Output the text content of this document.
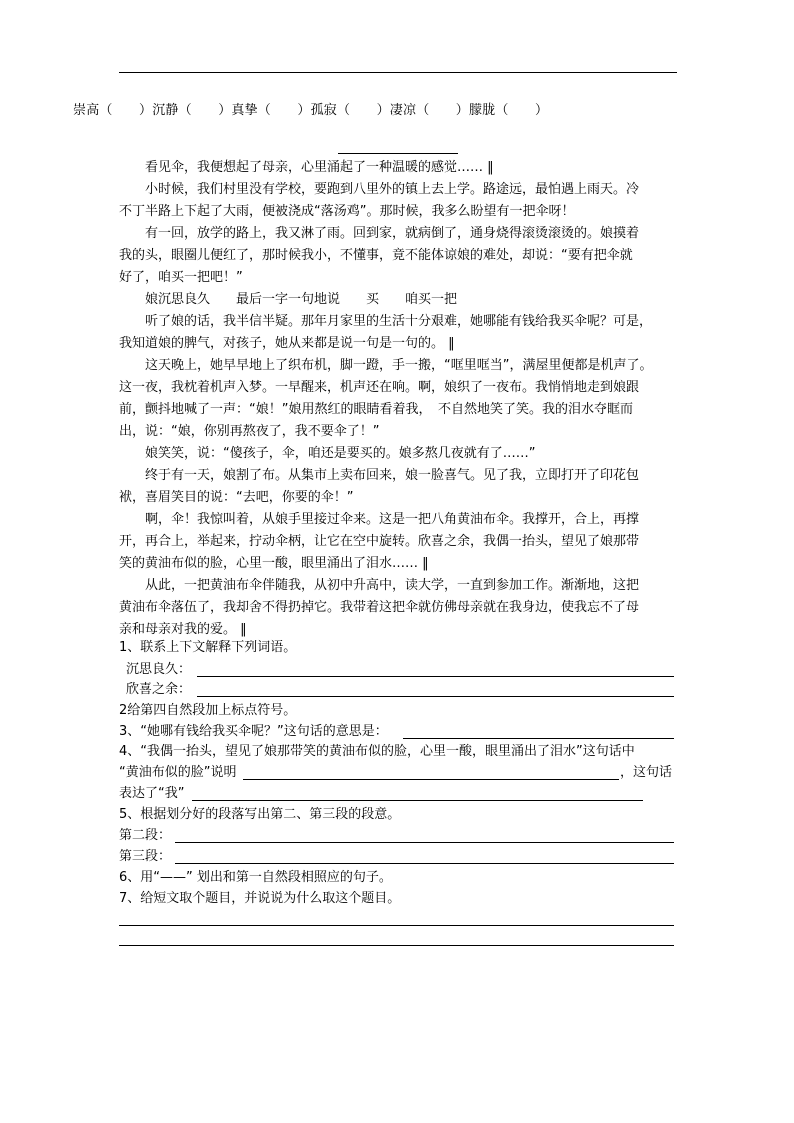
崇高（　　）沉静（　　）真挚（　　）孤寂（　　）凄凉（　　）朦胧（　　）
　　看见伞，我便想起了母亲，心里涌起了一种温暖的感觉…… ‖
　　小时候，我们村里没有学校，要跑到八里外的镇上去上学。路途远，最怕遇上雨天。冷
不丁半路上下起了大雨，便被浇成“落汤鸡”。那时候，我多么盼望有一把伞呀！
　　有一回，放学的路上，我又淋了雨。回到家，就病倒了，通身烧得滚烫滚烫的。娘摸着
我的头，眼圈儿便红了，那时候我小，不懂事，竟不能体谅娘的难处，却说：“要有把伞就
好了，咱买一把吧！”
　　娘沉思良久　　最后一字一句地说　　买　　咱买一把
　　听了娘的话，我半信半疑。那年月家里的生活十分艰难，她哪能有钱给我买伞呢？可是，
我知道娘的脾气，对孩子，她从来都是说一句是一句的。 ‖
　　这天晚上，她早早地上了织布机，脚一蹬，手一搬，“哐里哐当”，满屋里便都是机声了。
这一夜，我枕着机声入梦。一早醒来，机声还在响。啊，娘织了一夜布。我悄悄地走到娘跟
前，颤抖地喊了一声：“娘！”娘用熬红的眼睛看着我，　不自然地笑了笑。我的泪水夺眶而
出，说：“娘，你别再熬夜了，我不要伞了！”
　　娘笑笑，说：“傻孩子，伞，咱还是要买的。娘多熬几夜就有了……”
　　终于有一天，娘割了布。从集市上卖布回来，娘一脸喜气。见了我，立即打开了印花包
袱，喜眉笑目的说：“去吧，你要的伞！”
　　啊，伞！我惊叫着，从娘手里接过伞来。这是一把八角黄油布伞。我撑开，合上，再撑
开，再合上，举起来，拧动伞柄，让它在空中旋转。欣喜之余，我偶一抬头，望见了娘那带
笑的黄油布似的脸，心里一酸，眼里涌出了泪水…… ‖
　　从此，一把黄油布伞伴随我，从初中升高中，读大学，一直到参加工作。渐渐地，这把
黄油布伞落伍了，我却舍不得扔掉它。我带着这把伞就仿佛母亲就在我身边，使我忘不了母
亲和母亲对我的爱。 ‖
1、联系上下文解释下列词语。
沉思良久：
欣喜之余：
2给第四自然段加上标点符号。
3、“她哪有钱给我买伞呢？”这句话的意思是：
4、“我偶一抬头，望见了娘那带笑的黄油布似的脸，心里一酸，眼里涌出了泪水”这句话中
“黄油布似的脸”说明	，这句话
表达了“我”
5、根据划分好的段落写出第二、第三段的段意。
第二段：
第三段：
6、用“——” 划出和第一自然段相照应的句子。
7、给短文取个题目，并说说为什么取这个题目。
